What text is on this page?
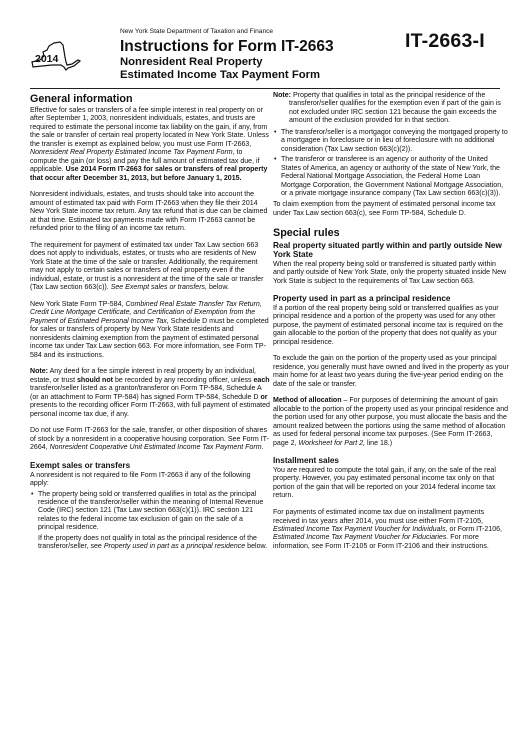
2014
New York State Department of Taxation and Finance
Instructions for Form IT-2663
Nonresident Real Property
Estimated Income Tax Payment Form
IT-2663-I
General information

Effective for sales or transfers of a fee simple interest in real property on or after September 1, 2003, nonresident individuals, estates, and trusts are required to estimate the personal income tax liability on the gain, if any, from the sale or transfer of certain real property located in New York State. Unless the transfer is exempt as explained below, you must use Form IT-2663, Nonresident Real Property Estimated Income Tax Payment Form, to compute the gain (or loss) and pay the full amount of estimated tax due, if applicable. Use 2014 Form IT-2663 for sales or transfers of real property that occur after December 31, 2013, but before January 1, 2015.

Nonresident individuals, estates, and trusts should take into account the amount of estimated tax paid with Form IT-2663 when they file their 2014 New York State income tax return. Any tax refund that is due can be claimed at that time. Estimated tax payments made with Form IT-2663 cannot be refunded prior to the filing of an income tax return.

The requirement for payment of estimated tax under Tax Law section 663 does not apply to individuals, estates, or trusts who are residents of New York State at the time of the sale or transfer. Additionally, the requirement may not apply to certain sales or transfers of real property even if the individual, estate, or trust is a nonresident at the time of the sale or transfer (Tax Law section 663(c)). See Exempt sales or transfers, below.

New York State Form TP-584, Combined Real Estate Transfer Tax Return, Credit Line Mortgage Certificate, and Certification of Exemption from the Payment of Estimated Personal Income Tax, Schedule D must be completed for sales or transfers of property by New York State residents and nonresidents claiming exemption from the payment of estimated personal income tax under Tax Law section 663. For more information, see Form TP-584 and its instructions.

Note: Any deed for a fee simple interest in real property by an individual, estate, or trust should not be recorded by any recording officer, unless each transferor/seller listed as a grantor/transferor on Form TP-584, Schedule A (or an attachment to Form TP-584) has signed Form TP-584, Schedule D or presents to the recording officer Form IT-2663, with full payment of estimated personal income tax due, if any.

Do not use Form IT-2663 for the sale, transfer, or other disposition of shares of stock by a nonresident in a cooperative housing corporation. See Form IT-2664, Nonresident Cooperative Unit Estimated Income Tax Payment Form.

Exempt sales or transfers

A nonresident is not required to file Form IT-2663 if any of the following apply:

• The property being sold or transferred qualifies in total as the principal residence of the transferor/seller within the meaning of Internal Revenue Code (IRC) section 121 (Tax Law section 663(c)(1)). IRC section 121 relates to the federal income tax exclusion of gain on the sale of a principal residence.

If the property does not qualify in total as the principal residence of the transferor/seller, see Property used in part as a principal residence below.

Note: Property that qualifies in total as the principal residence of the transferor/seller qualifies for the exemption even if part of the gain is not excluded under IRC section 121 because the gain exceeds the amount of the exclusion provided for in that section.

• The transferor/seller is a mortgagor conveying the mortgaged property to a mortgagee in foreclosure or in lieu of foreclosure with no additional consideration (Tax Law section 663(c)(2)).
• The transferor or transferee is an agency or authority of the United States of America, an agency or authority of the state of New York, the Federal National Mortgage Association, the Federal Home Loan Mortgage Corporation, the Government National Mortgage Association, or a private mortgage insurance company (Tax Law section 663(c)(3)).

To claim exemption from the payment of estimated personal income tax under Tax Law section 663(c), see Form TP-584, Schedule D.

Special rules
Real property situated partly within and partly outside New York State

When the real property being sold or transferred is situated partly within and partly outside of New York State, only the property situated inside New York State is subject to the requirements of Tax Law section 663.

Property used in part as a principal residence

If a portion of the real property being sold or transferred qualifies as your principal residence and a portion of the property was used for any other purpose, the payment of estimated personal income tax is required on the gain allocable to the portion of the property that does not qualify as your principal residence.

To exclude the gain on the portion of the property used as your principal residence, you generally must have owned and lived in the property as your main home for at least two years during the five-year period ending on the date of the sale or transfer.

Method of allocation – For purposes of determining the amount of gain allocable to the portion of the property used as your principal residence and the portion used for any other purpose, you must allocate the basis and the amount realized between the portions using the same method of allocation as used for federal personal income tax purposes. (See Form IT-2663, page 2, Worksheet for Part 2, line 18.)

Installment sales

You are required to compute the total gain, if any, on the sale of the real property. However, you pay estimated personal income tax only on that portion of the gain that will be reported on your 2014 federal income tax return.

For payments of estimated income tax due on installment payments received in tax years after 2014, you must use either Form IT-2105, Estimated Income Tax Payment Voucher for Individuals, or Form IT-2106, Estimated Income Tax Payment Voucher for Fiduciaries. For more information, see Form IT-2105 or Form IT-2106 and their instructions.
